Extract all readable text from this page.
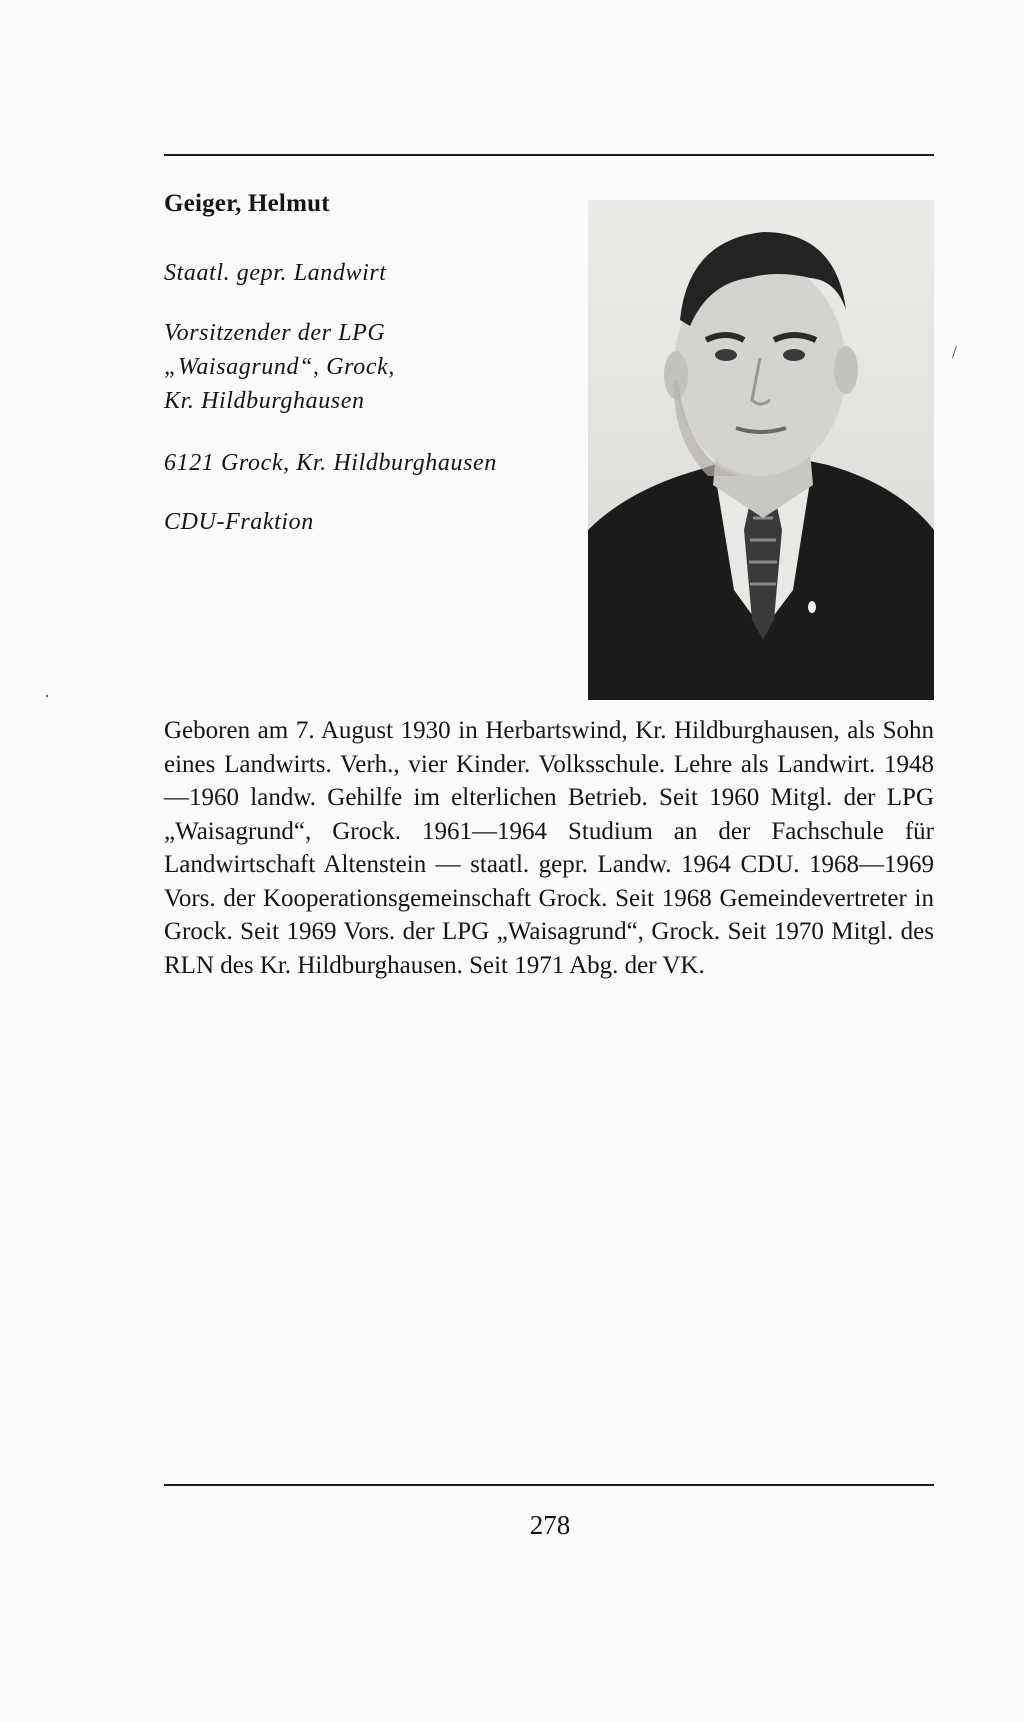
Geiger, Helmut
Staatl. gepr. Landwirt
Vorsitzender der LPG
„Waisagrund“, Grock,
Kr. Hildburghausen
6121 Grock, Kr. Hildburghausen
CDU-Fraktion
/
·

Geboren am 7. August 1930 in Herbartswind, Kr. Hildburghausen, als Sohn eines Landwirts. Verh., vier Kinder. Volksschule. Lehre als Landwirt. 1948—1960 landw. Gehilfe im elterlichen Betrieb. Seit 1960 Mitgl. der LPG „Waisagrund“, Grock. 1961—1964 Studium an der Fachschule für Landwirtschaft Altenstein — staatl. gepr. Landw. 1964 CDU. 1968—1969 Vors. der Kooperationsgemeinschaft Grock. Seit 1968 Gemeindevertreter in Grock. Seit 1969 Vors. der LPG „Waisagrund“, Grock. Seit 1970 Mitgl. des RLN des Kr. Hildburghausen. Seit 1971 Abg. der VK.

278
